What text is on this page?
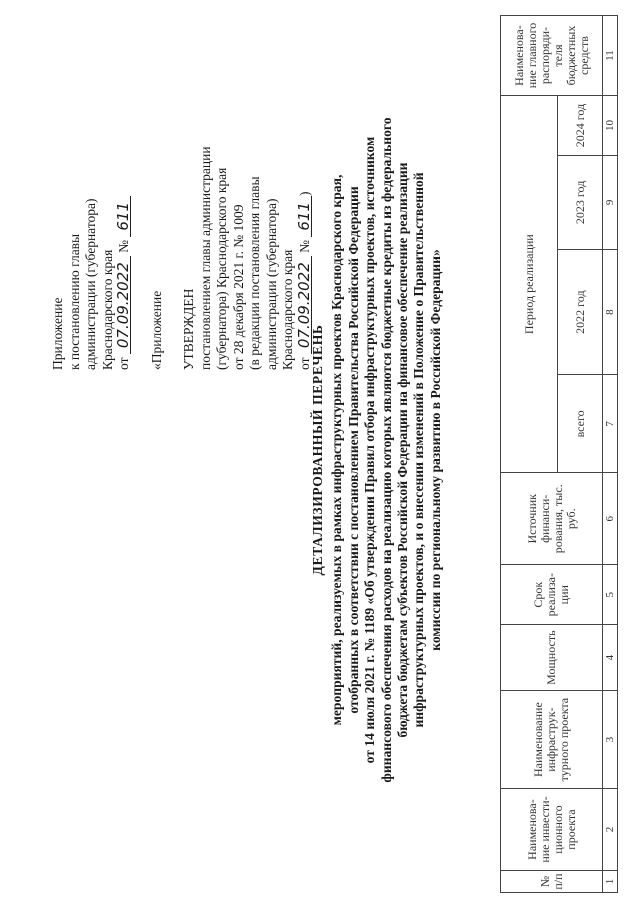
Приложение к постановлению главы администрации (губернатора) Краснодарского края от 07.09.2022 № 611
«Приложение УТВЕРЖДЕН постановлением главы администрации (губернатора) Краснодарского края от 28 декабря 2021 г. № 1009 (в редакции постановления главы администрации (губернатора) Краснодарского края от 07.09.2022 № 611)
ДЕТАЛИЗИРОВАННЫЙ ПЕРЕЧЕНЬ мероприятий, реализуемых в рамках инфраструктурных проектов Краснодарского края, отобранных в соответствии с постановлением Правительства Российской Федерации от 14 июля 2021 г. № 1189 «Об утверждении Правил отбора инфраструктурных проектов, источником финансового обеспечения расходов на реализацию которых являются бюджетные кредиты из федерального бюджета бюджетам субъектов Российской Федерации на финансовое обеспечение реализации инфраструктурных проектов, и о внесении изменений в Положение о Правительственной комиссии по региональному развитию в Российской Федерации»
№ п/п	Наименова-ние инвести-ционного проекта	Наименование инфраструк-турного проекта	Мощность	Срок реализа-ции	Источник финанси-рования, тыс. руб.	Период реализации				Наименова-ние главного распоряди-теля бюджетных средств
						всего	2022 год	2023 год	2024 год	
1	2	3	4	5	6	7	8	9	10	11
